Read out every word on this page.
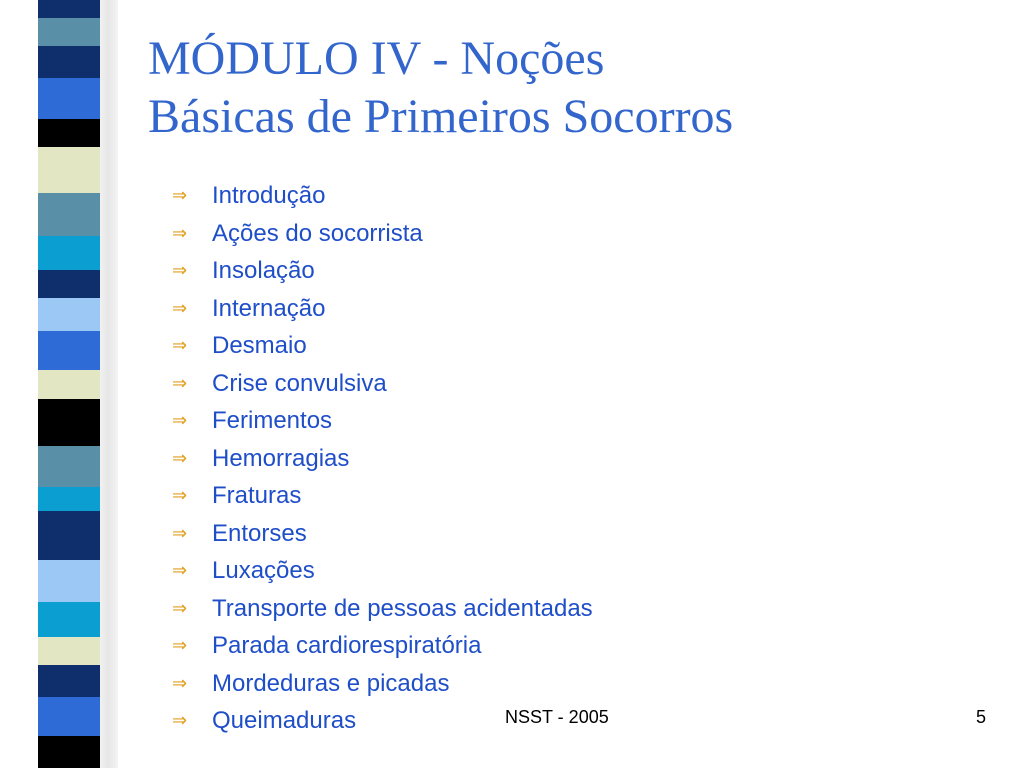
MÓDULO IV - Noções
Básicas de Primeiros Socorros
⇒	Introdução
⇒	Ações do socorrista
⇒	Insolação
⇒	Internação
⇒	Desmaio
⇒	Crise convulsiva
⇒	Ferimentos
⇒	Hemorragias
⇒	Fraturas
⇒	Entorses
⇒	Luxações
⇒	Transporte de pessoas acidentadas
⇒	Parada cardiorespiratória
⇒	Mordeduras e picadas
⇒	Queimaduras	NSST - 2005	5
